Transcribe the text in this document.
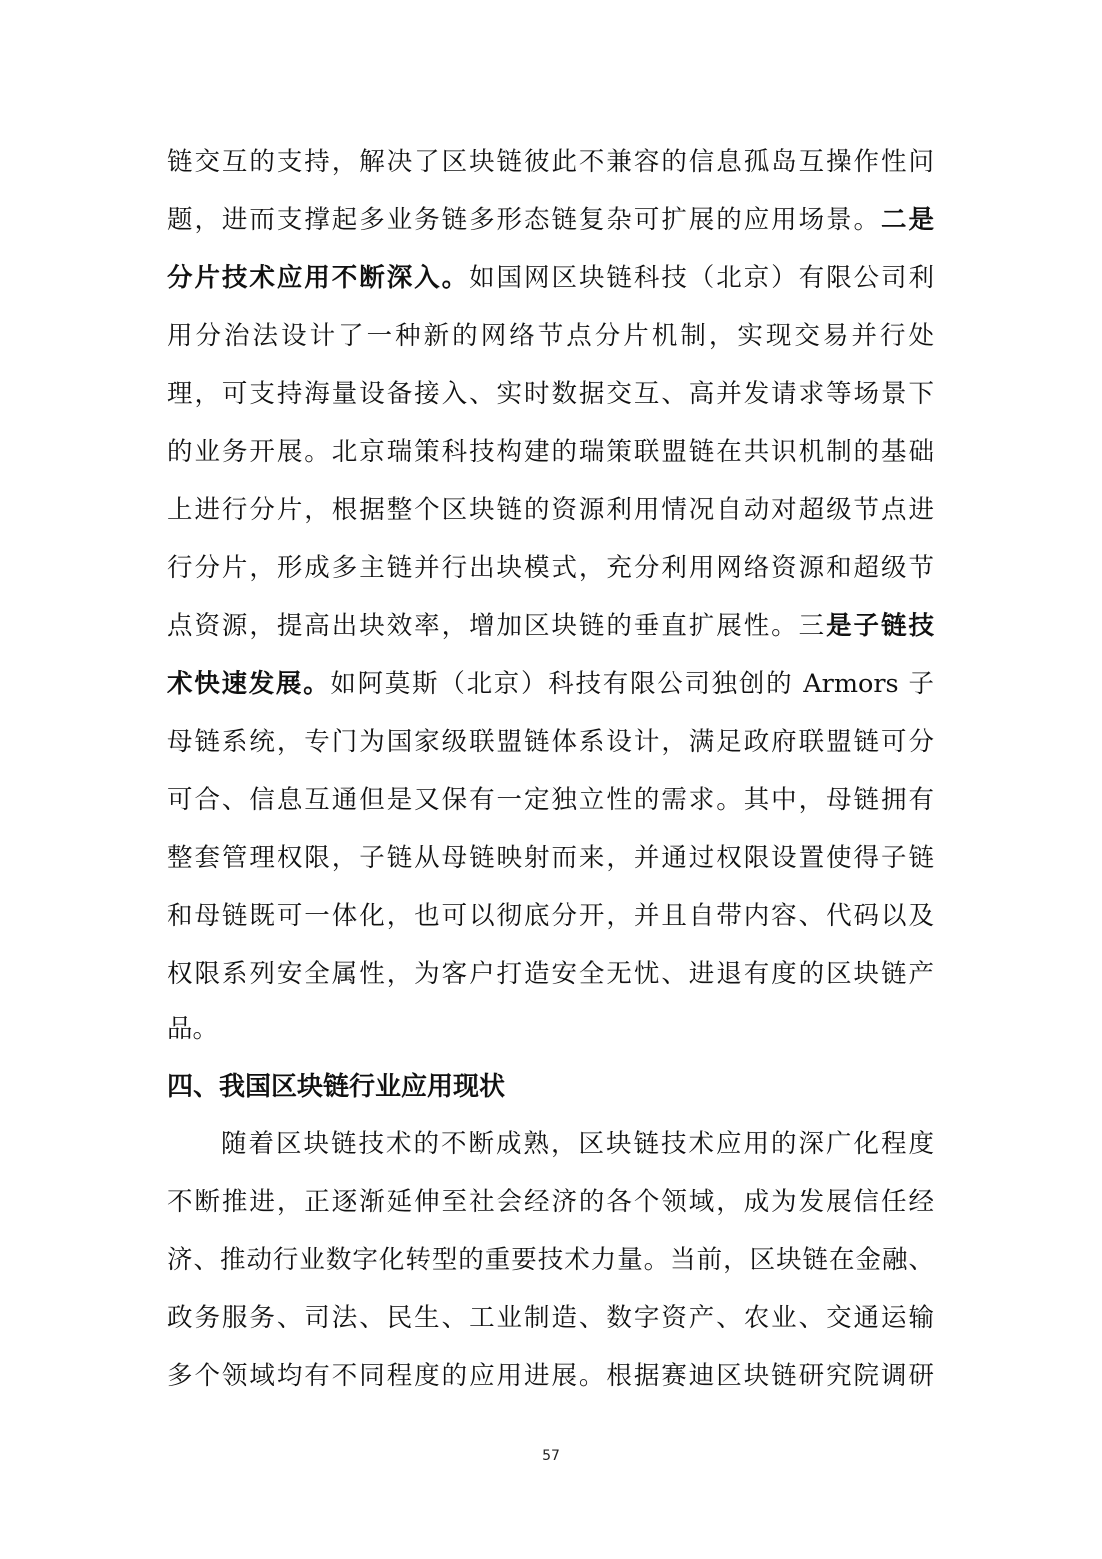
链交互的支持，解决了区块链彼此不兼容的信息孤岛互操作性问
题，进而支撑起多业务链多形态链复杂可扩展的应用场景。二是
分片技术应用不断深入。如国网区块链科技（北京）有限公司利
用分治法设计了一种新的网络节点分片机制，实现交易并行处
理，可支持海量设备接入、实时数据交互、高并发请求等场景下
的业务开展。北京瑞策科技构建的瑞策联盟链在共识机制的基础
上进行分片，根据整个区块链的资源利用情况自动对超级节点进
行分片，形成多主链并行出块模式，充分利用网络资源和超级节
点资源，提高出块效率，增加区块链的垂直扩展性。三是子链技
术快速发展。如阿莫斯（北京）科技有限公司独创的 Armors 子
母链系统，专门为国家级联盟链体系设计，满足政府联盟链可分
可合、信息互通但是又保有一定独立性的需求。其中，母链拥有
整套管理权限，子链从母链映射而来，并通过权限设置使得子链
和母链既可一体化，也可以彻底分开，并且自带内容、代码以及
权限系列安全属性，为客户打造安全无忧、进退有度的区块链产
品。
四、我国区块链行业应用现状
随着区块链技术的不断成熟，区块链技术应用的深广化程度
不断推进，正逐渐延伸至社会经济的各个领域，成为发展信任经
济、推动行业数字化转型的重要技术力量。当前，区块链在金融、
政务服务、司法、民生、工业制造、数字资产、农业、交通运输
多个领域均有不同程度的应用进展。根据赛迪区块链研究院调研
57
